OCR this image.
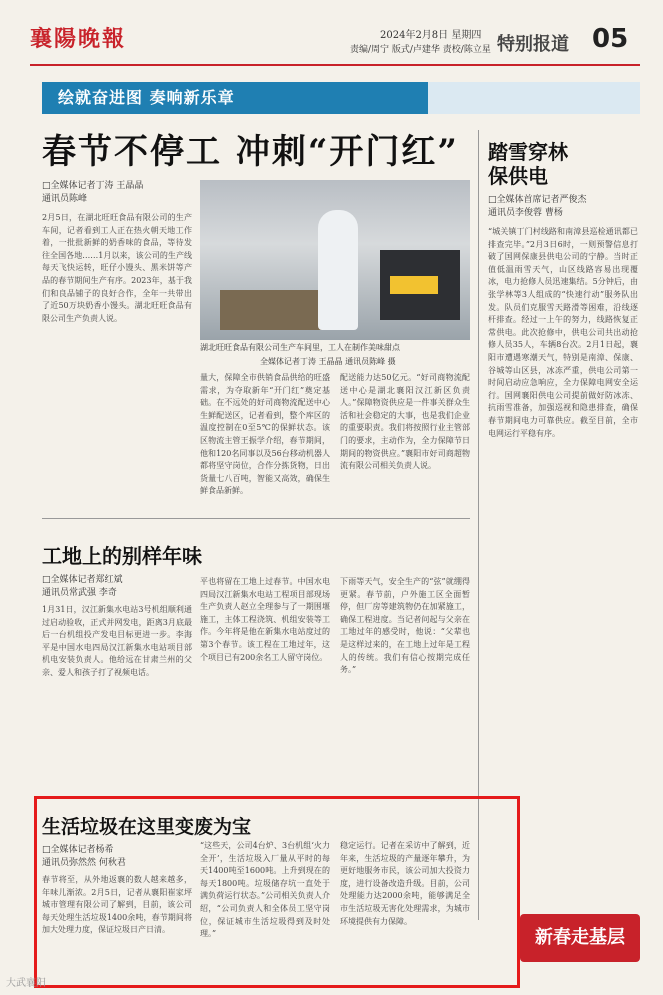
襄陽晚報	2024年2月8日 星期四
责编/周宁 版式/卢建华 责校/陈立星 特别报道 05
绘就奋进图 奏响新乐章
春节不停工 冲刺“开门红”
□全媒体记者丁涛 王晶晶
通讯员陈峰
2月5日，在湖北旺旺食品有限公司的生产车间，记者看到工人正在热火朝天地工作着，一批批新鲜的奶香味的食品，等待发往全国各地……1月以来，该公司的生产线每天飞快运转，旺仔小馒头、黑米饼等产品的春节期间生产有序。2023年，基于我们和良品铺子的良好合作，全年一共带出了近50万块奶香小馒头。湖北旺旺食品有限公司生产负责人说。
湖北旺旺食品有限公司生产车间里，工人在制作美味甜点
全媒体记者丁涛 王晶晶 通讯员陈峰 摄
量大，保障全市供销食品供给的旺盛需求，为夺取新年“开门红”奠定基础。在不远处的好司商物流配送中心生鲜配送区，记者看到，整个库区的温度控制在0至5℃的保鲜状态。该区物流主管王振学介绍，春节期间，他和120名同事以及56台移动机器人都将坚守岗位，合作分拣货物，日出货量七八百吨，智能又高效，确保生鲜食品新鲜。
配送能力达50亿元。“好司商物流配送中心是湖北襄阳汉江新区负责人。”保障物资供应是一件事关群众生活和社会稳定的大事，也是我们企业的重要职责。我们将按照行业主管部门的要求，主动作为，全力保障节日期间的物资供应。”襄阳市好司商超物流有限公司相关负责人说。
踏雪穿林
保供电
□全媒体首席记者严俊杰
通讯员李俊蓉 曹杨
“城关镇丁门村线路和南漳县巡检通讯都已排查完毕。”2月3日6时，一则预警信息打破了国网保康县供电公司的宁静。当时正值低温雨雪天气，山区线路容易出现覆冰，电力抢修人员迅速集结。5分钟后，由张学林等3人组成的“快速行动”服务队出发。队员们克服雪天路滑等困难，沿线逐杆排查。经过一上午的努力，线路恢复正常供电。此次抢修中，供电公司共出动抢修人员35人，车辆8台次。2月1日起，襄阳市遭遇寒潮天气，特别是南漳、保康、谷城等山区县，冰冻严重，供电公司第一时间启动应急响应，全力保障电网安全运行。国网襄阳供电公司提前做好防冰冻、抗雨雪准备，加强巡视和隐患排查，确保春节期间电力可靠供应。截至目前，全市电网运行平稳有序。
工地上的别样年味
□全媒体记者郑红斌
通讯员常武强 李奇
1月31日，汉江新集水电站3号机组顺利通过启动验收，正式并网发电，距离3月底最后一台机组投产发电目标更进一步。李海平是中国水电四局汉江新集水电站项目部机电安装负责人。他给远在甘肃兰州的父亲、爱人和孩子打了视频电话。
平也将留在工地上过春节。中国水电四局汉江新集水电站工程项目部现场生产负责人赵立全理参与了一期围堰施工，主体工程浇筑、机组安装等工作。今年将是他在新集水电站度过的第3个春节。该工程在工地过年，这个项目已有200余名工人留守岗位。
下雨等天气，安全生产的“弦”就绷得更紧。春节前，户外施工区全面暂停，但厂房等建筑物仍在加紧施工，确保工程进度。当记者问起与父亲在工地过年的感受时，他说：“父辈也是这样过来的，在工地上过年是工程人的传统。我们有信心按期完成任务。”
生活垃圾在这里变废为宝
□全媒体记者杨希
通讯员弥然然 何秋君
春节将至，从外地返襄的数人越来越多，年味儿渐浓。2月5日，记者从襄阳崔家坪城市管理有限公司了解到，目前，该公司每天处理生活垃圾1400余吨，春节期间将加大处理力度，保证垃圾日产日清。
“这些天，公司4台炉、3台机组‘火力全开’，生活垃圾入厂量从平时的每天1400吨至1600吨。上升到现在的每天1800吨。垃圾储存坑一直处于满负荷运行状态。”公司相关负责人介绍，“公司负责人和全体员工坚守岗位，保证城市生活垃圾得到及时处理。”
稳定运行。记者在采访中了解到，近年来，生活垃圾的产量逐年攀升，为更好地服务市民，该公司加大投资力度，进行设备改造升级。目前，公司处理能力达2000余吨，能够满足全市生活垃圾无害化处理需求，为城市环境提供有力保障。
新春走基层
大武襄阳
